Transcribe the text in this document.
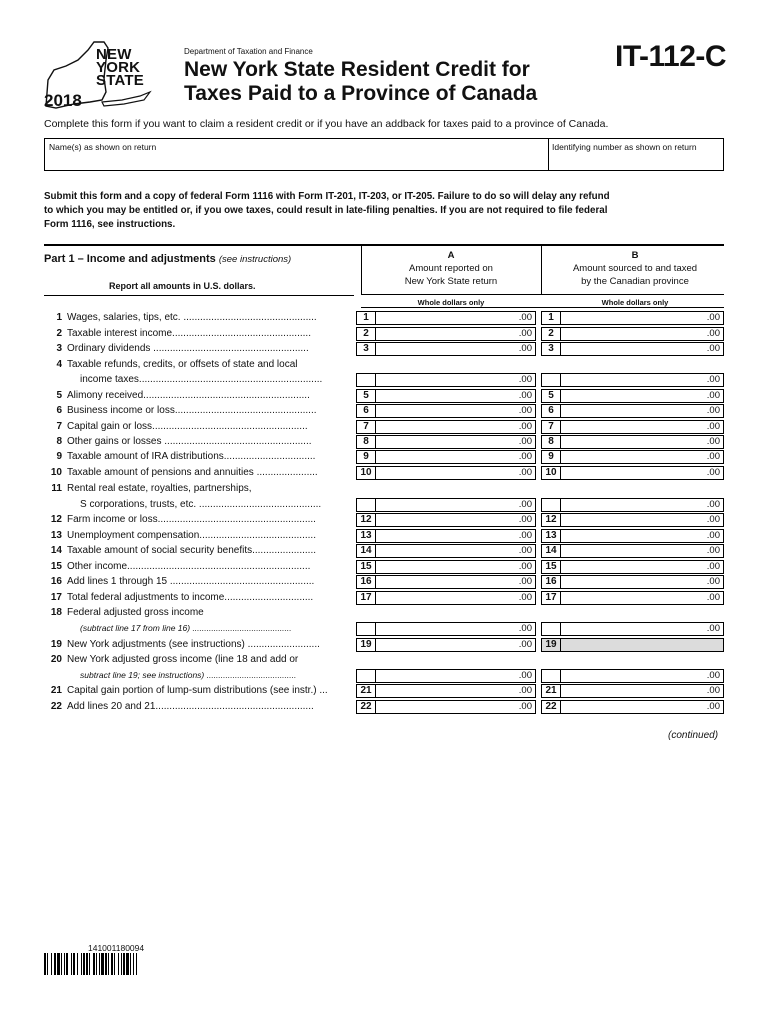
NEW
YORK
STATE
2018
Department of Taxation and Finance
New York State Resident Credit for
Taxes Paid to a Province of Canada
IT-112-C
Complete this form if you want to claim a resident credit or if you have an addback for taxes paid to a province of Canada.
Name(s) as shown on return	Identifying number as shown on return
Submit this form and a copy of federal Form 1116 with Form IT-201, IT-203, or IT-205. Failure to do so will delay any refund
to which you may be entitled or, if you owe taxes, could result in late-filing penalties. If you are not required to file federal
Form 1116, see instructions.
Part 1 – Income and adjustments (see instructions)
Report all amounts in U.S. dollars.
A
Amount reported on
New York State return
B
Amount sourced to and taxed
by the Canadian province
Whole dollars only	Whole dollars only
1 Wages, salaries, tips, etc. ................................................	1	.00	1	.00
2 Taxable interest income..................................................	2	.00	2	.00
3 Ordinary dividends ........................................................	3	.00	3	.00
4 Taxable refunds, credits, or offsets of state and local
income taxes..................................................................	.00	.00
5 Alimony received............................................................	5	.00	5	.00
6 Business income or loss...................................................	6	.00	6	.00
7 Capital gain or loss........................................................	7	.00	7	.00
8 Other gains or losses .....................................................	8	.00	8	.00
9 Taxable amount of IRA distributions.................................	9	.00	9	.00
10 Taxable amount of pensions and annuities ......................	10	.00	10	.00
11 Rental real estate, royalties, partnerships,
S corporations, trusts, etc. ............................................	.00	.00
12 Farm income or loss.........................................................	12	.00	12	.00
13 Unemployment compensation..........................................	13	.00	13	.00
14 Taxable amount of social security benefits.......................	14	.00	14	.00
15 Other income..................................................................	15	.00	15	.00
16 Add lines 1 through 15 ....................................................	16	.00	16	.00
17 Total federal adjustments to income................................	17	.00	17	.00
18 Federal adjusted gross income
(subtract line 17 from line 16) ..........................................	.00	.00
19 New York adjustments (see instructions) ..........................	19	.00	19
20 New York adjusted gross income (line 18 and add or
subtract line 19; see instructions) ......................................	.00	.00
21 Capital gain portion of lump-sum distributions (see instr.) ...	21	.00	21	.00
22 Add lines 20 and 21.........................................................	22	.00	22	.00
(continued)
141001180094
